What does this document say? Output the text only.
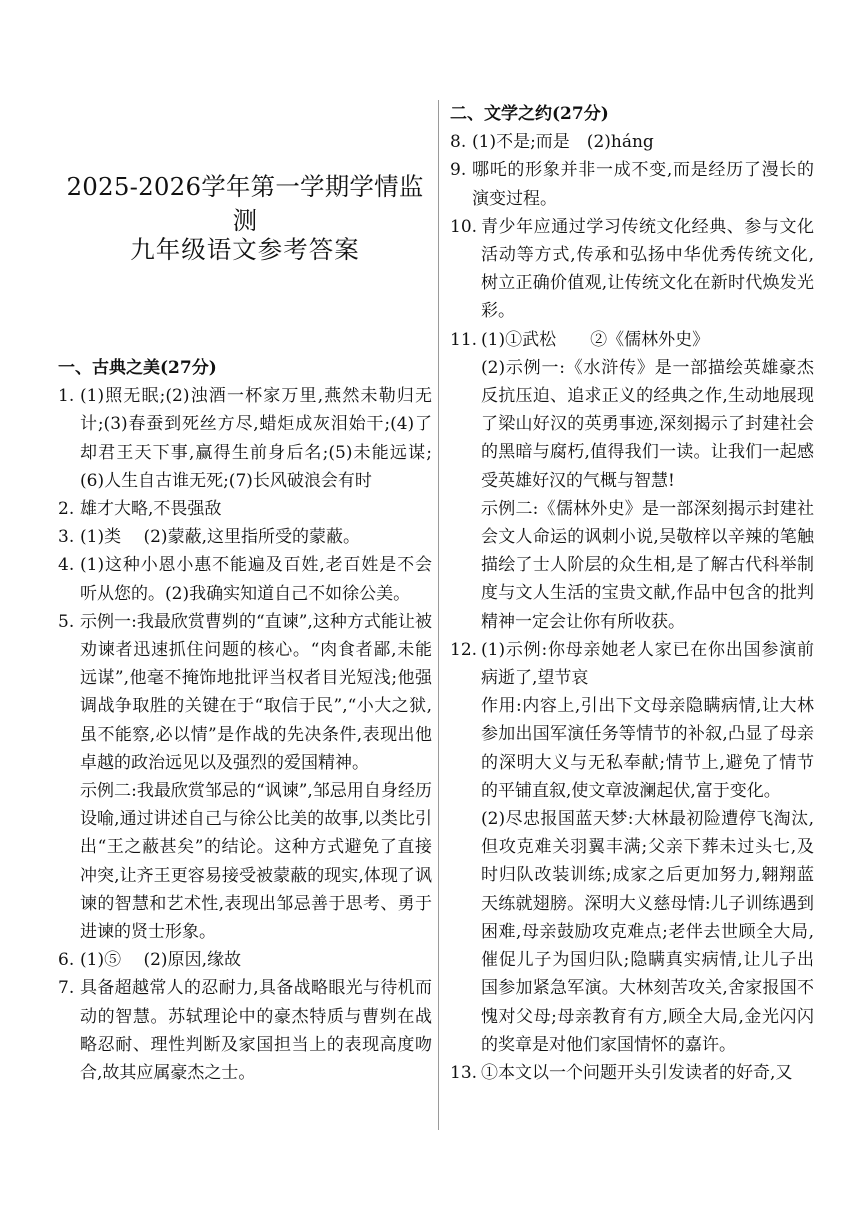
2025-2026学年第一学期学情监测
九年级语文参考答案

一、古典之美(27分)

1. (1)照无眠;(2)浊酒一杯家万里,燕然未勒归无计;(3)春蚕到死丝方尽,蜡炬成灰泪始干;(4)了却君王天下事,赢得生前身后名;(5)未能远谋;(6)人生自古谁无死;(7)长风破浪会有时
2. 雄才大略,不畏强敌
3. (1)类　 (2)蒙蔽,这里指所受的蒙蔽。
4. (1)这种小恩小惠不能遍及百姓,老百姓是不会听从您的。(2)我确实知道自己不如徐公美。
5. 示例一:我最欣赏曹刿的“直谏”,这种方式能让被劝谏者迅速抓住问题的核心。“肉食者鄙,未能远谋”,他毫不掩饰地批评当权者目光短浅;他强调战争取胜的关键在于“取信于民”,“小大之狱,虽不能察,必以情”是作战的先决条件,表现出他卓越的政治远见以及强烈的爱国精神。

示例二:我最欣赏邹忌的“讽谏”,邹忌用自身经历设喻,通过讲述自己与徐公比美的故事,以类比引出“王之蔽甚矣”的结论。这种方式避免了直接冲突,让齐王更容易接受被蒙蔽的现实,体现了讽谏的智慧和艺术性,表现出邹忌善于思考、勇于进谏的贤士形象。

6. (1)⑤　 (2)原因,缘故
7. 具备超越常人的忍耐力,具备战略眼光与待机而动的智慧。苏轼理论中的豪杰特质与曹刿在战略忍耐、理性判断及家国担当上的表现高度吻合,故其应属豪杰之士。

二、文学之约(27分)

8. (1)不是;而是　(2)háng
9. 哪吒的形象并非一成不变,而是经历了漫长的演变过程。
10. 青少年应通过学习传统文化经典、参与文化活动等方式,传承和弘扬中华优秀传统文化,树立正确价值观,让传统文化在新时代焕发光彩。
11. (1)①武松　　②《儒林外史》

(2)示例一:《水浒传》是一部描绘英雄豪杰反抗压迫、追求正义的经典之作,生动地展现了梁山好汉的英勇事迹,深刻揭示了封建社会的黑暗与腐朽,值得我们一读。让我们一起感受英雄好汉的气概与智慧!

示例二:《儒林外史》是一部深刻揭示封建社会文人命运的讽刺小说,吴敬梓以辛辣的笔触描绘了士人阶层的众生相,是了解古代科举制度与文人生活的宝贵文献,作品中包含的批判精神一定会让你有所收获。

12. (1)示例:你母亲她老人家已在你出国参演前病逝了,望节哀

作用:内容上,引出下文母亲隐瞒病情,让大林参加出国军演任务等情节的补叙,凸显了母亲的深明大义与无私奉献;情节上,避免了情节的平铺直叙,使文章波澜起伏,富于变化。

(2)尽忠报国蓝天梦:大林最初险遭停飞淘汰,但攻克难关羽翼丰满;父亲下葬未过头七,及时归队改装训练;成家之后更加努力,翱翔蓝天练就翅膀。深明大义慈母情:儿子训练遇到困难,母亲鼓励攻克难点;老伴去世顾全大局,催促儿子为国归队;隐瞒真实病情,让儿子出国参加紧急军演。大林刻苦攻关,舍家报国不愧对父母;母亲教育有方,顾全大局,金光闪闪的奖章是对他们家国情怀的嘉许。

13. ①本文以一个问题开头引发读者的好奇,又
